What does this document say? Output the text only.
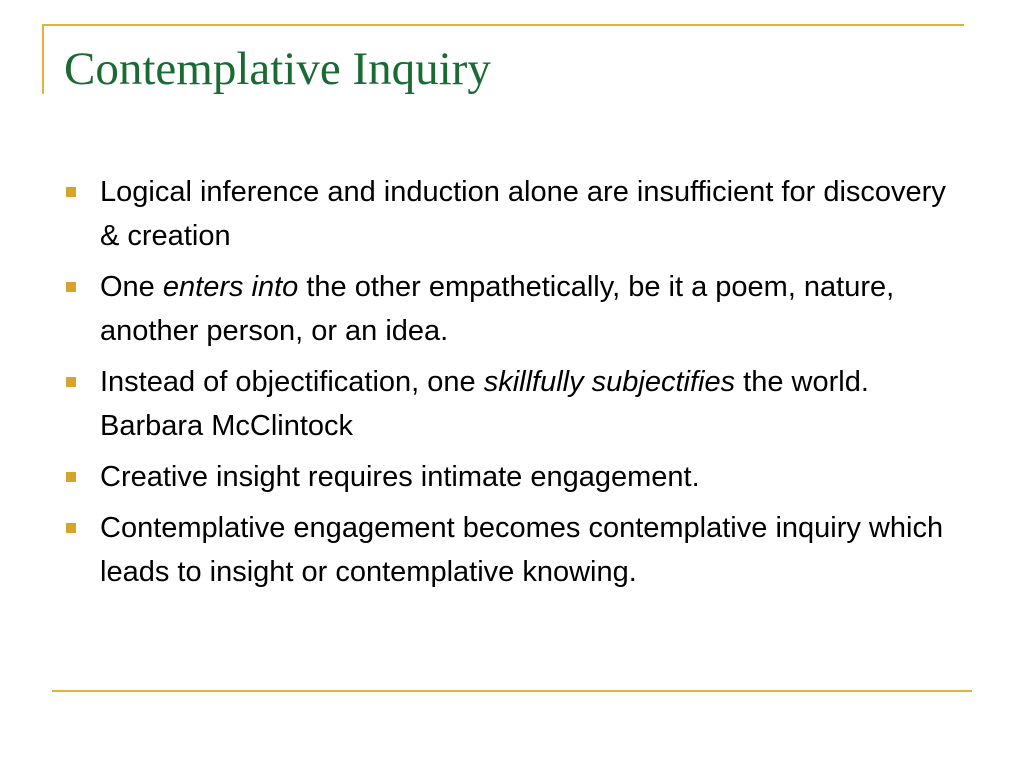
Contemplative Inquiry
Logical inference and induction alone are insufficient for discovery & creation
One enters into the other empathetically, be it a poem, nature, another person, or an idea.
Instead of objectification, one skillfully subjectifies the world. Barbara McClintock
Creative insight requires intimate engagement.
Contemplative engagement becomes contemplative inquiry which leads to insight or contemplative knowing.
